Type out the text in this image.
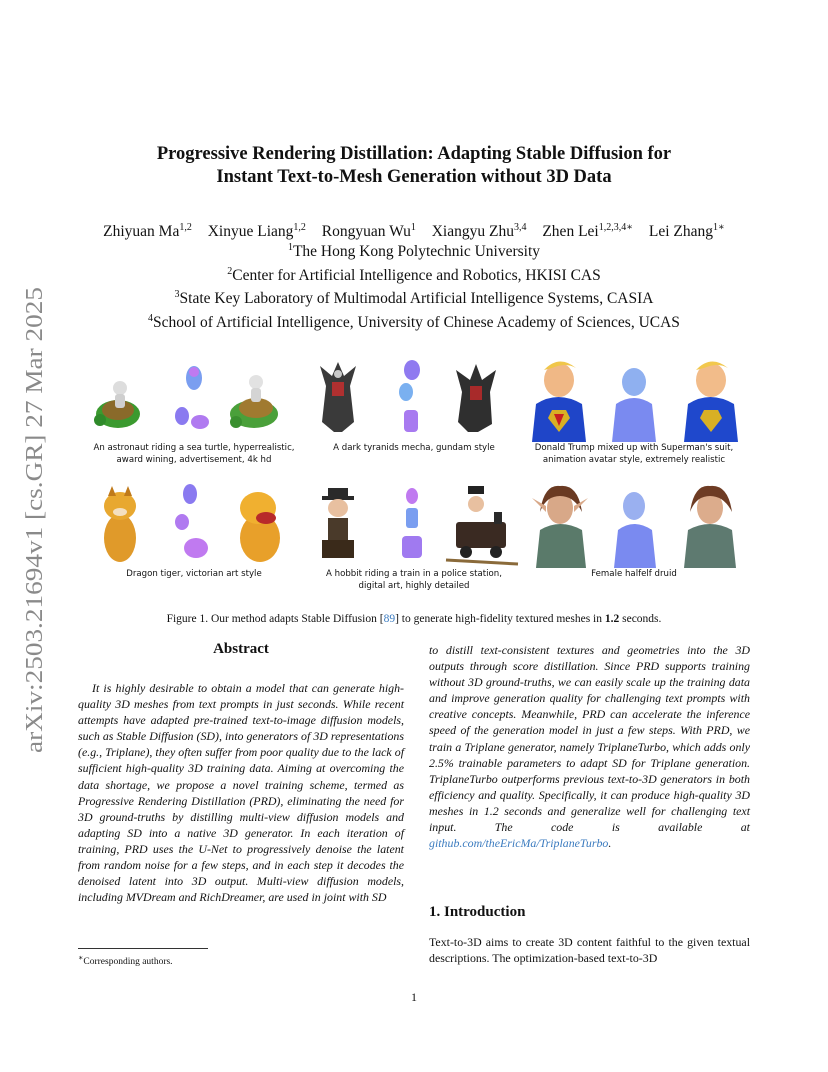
arXiv:2503.21694v1 [cs.GR] 27 Mar 2025
Progressive Rendering Distillation: Adapting Stable Diffusion for
Instant Text-to-Mesh Generation without 3D Data
Zhiyuan Ma$^{1,2}$ Xinyue Liang$^{1,2}$ Rongyuan Wu$^1$ Xiangyu Zhu$^{3,4}$ Zhen Lei$^{1,2,3,4∗}$ Lei Zhang$^{1∗}$
$^1$The Hong Kong Polytechnic University
$^2$Center for Artificial Intelligence and Robotics, HKISI CAS
$^3$State Key Laboratory of Multimodal Artificial Intelligence Systems, CASIA
$^4$School of Artificial Intelligence, University of Chinese Academy of Sciences, UCAS
An astronaut riding a sea turtle, hyperrealistic,
award wining, advertisement, 4k hd
A dark tyranids mecha, gundam style	Donald Trump mixed up with Superman's suit,
animation avatar style, extremely realistic
Dragon tiger, victorian art style	A hobbit riding a train in a police station,
digital art, highly detailed
Female halfelf druid
Figure 1. Our method adapts Stable Diffusion [89] to generate high-fidelity textured meshes in 1.2 seconds.
Abstract

It is highly desirable to obtain a model that can generate high-quality 3D meshes from text prompts in just seconds. While recent attempts have adapted pre-trained text-to-image diffusion models, such as Stable Diffusion (SD), into generators of 3D representations (e.g., Triplane), they often suffer from poor quality due to the lack of sufficient high-quality 3D training data. Aiming at overcoming the data shortage, we propose a novel training scheme, termed as Progressive Rendering Distillation (PRD), eliminating the need for 3D ground-truths by distilling multi-view diffusion models and adapting SD into a native 3D generator. In each iteration of training, PRD uses the U-Net to progressively denoise the latent from random noise for a few steps, and in each step it decodes the denoised latent into 3D output. Multi-view diffusion models, including MVDream and RichDreamer, are used in joint with SD

to distill text-consistent textures and geometries into the 3D outputs through score distillation. Since PRD supports training without 3D ground-truths, we can easily scale up the training data and improve generation quality for challenging text prompts with creative concepts. Meanwhile, PRD can accelerate the inference speed of the generation model in just a few steps. With PRD, we train a Triplane generator, namely TriplaneTurbo, which adds only 2.5% trainable parameters to adapt SD for Triplane generation. TriplaneTurbo outperforms previous text-to-3D generators in both efficiency and quality. Specifically, it can produce high-quality 3D meshes in 1.2 seconds and generalize well for challenging text input. The code is available at github.com/theEricMa/TriplaneTurbo.

1. Introduction

Text-to-3D aims to create 3D content faithful to the given textual descriptions. The optimization-based text-to-3D

∗Corresponding authors.
1
